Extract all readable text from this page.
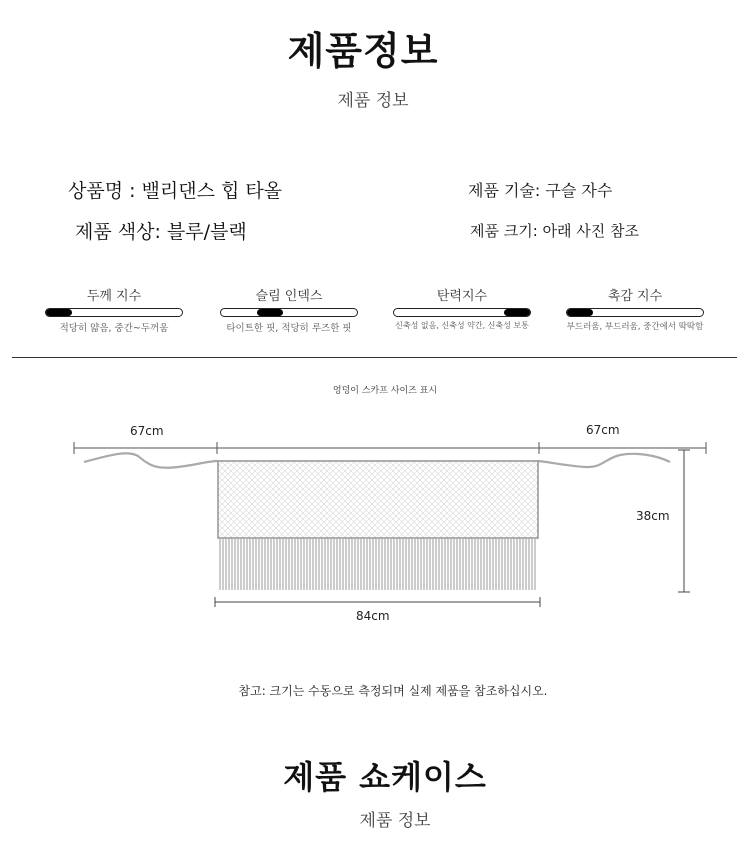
제품정보
제품 정보
상품명 : 밸리댄스 힙 타올	제품 기술: 구슬 자수
제품 색상: 블루/블랙	제품 크기: 아래 사진 참조
두께 지수
적당히 얇음, 중간~두꺼움
슬림 인덱스
타이트한 핏, 적당히 루즈한 핏
탄력지수
신축성 없음, 신축성 약간, 신축성 보통
촉감 지수
부드러움, 부드러움, 중간에서 딱딱함
엉덩이 스카프 사이즈 표시
67cm	67cm
38cm
84cm
참고: 크기는 수동으로 측정되며 실제 제품을 참조하십시오.
제품 쇼케이스
제품 정보
